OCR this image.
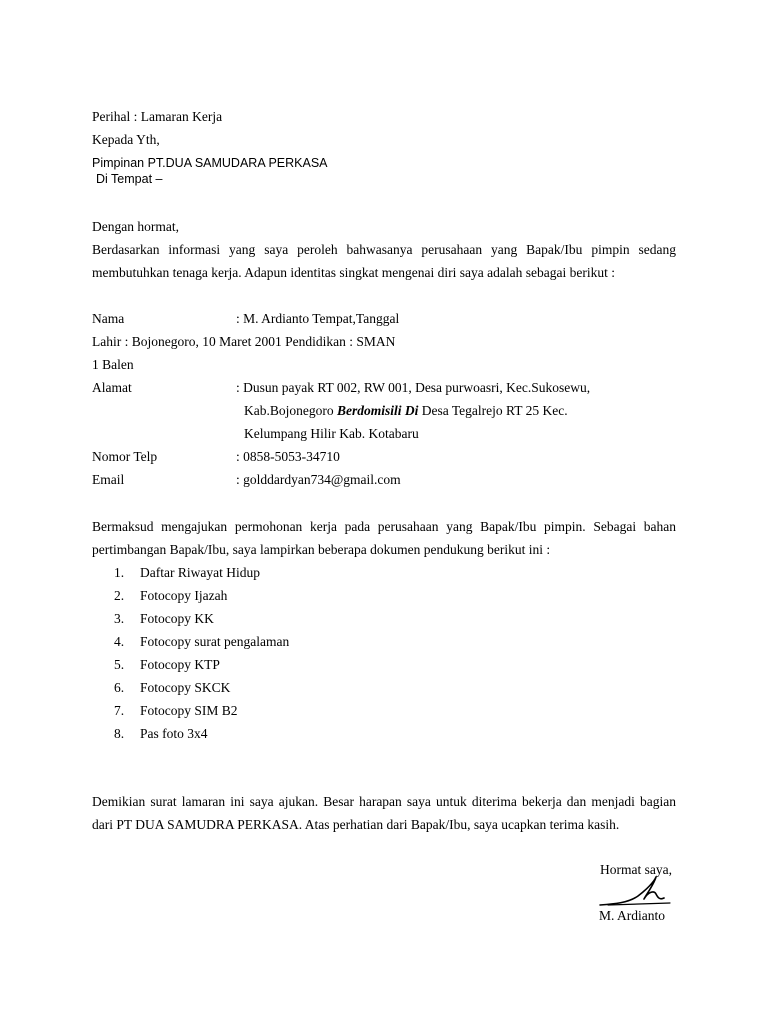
Perihal : Lamaran Kerja
Kepada Yth,
Pimpinan PT.DUA SAMUDARA PERKASA
Di Tempat –
Dengan hormat,
Berdasarkan informasi yang saya peroleh bahwasanya perusahaan yang Bapak/Ibu pimpin sedang
membutuhkan tenaga kerja. Adapun identitas singkat mengenai diri saya adalah sebagai berikut :
Nama	: M. Ardianto Tempat,Tanggal
Lahir : Bojonegoro, 10 Maret 2001 Pendidikan : SMAN
1 Balen
Alamat	: Dusun payak RT 002, RW 001, Desa purwoasri, Kec.Sukosewu,
Kab.Bojonegoro Berdomisili Di Desa Tegalrejo RT 25 Kec.
Kelumpang Hilir Kab. Kotabaru
Nomor Telp	: 0858-5053-34710
Email	: golddardyan734@gmail.com
Bermaksud mengajukan permohonan kerja pada perusahaan yang Bapak/Ibu pimpin. Sebagai bahan
pertimbangan Bapak/Ibu, saya lampirkan beberapa dokumen pendukung berikut ini :
1. Daftar Riwayat Hidup
2. Fotocopy Ijazah
3. Fotocopy KK
4. Fotocopy surat pengalaman
5. Fotocopy KTP
6. Fotocopy SKCK
7. Fotocopy SIM B2
8. Pas foto 3x4
Demikian surat lamaran ini saya ajukan. Besar harapan saya untuk diterima bekerja dan menjadi bagian
dari PT DUA SAMUDRA PERKASA. Atas perhatian dari Bapak/Ibu, saya ucapkan terima kasih.
Hormat saya,
M. Ardianto
